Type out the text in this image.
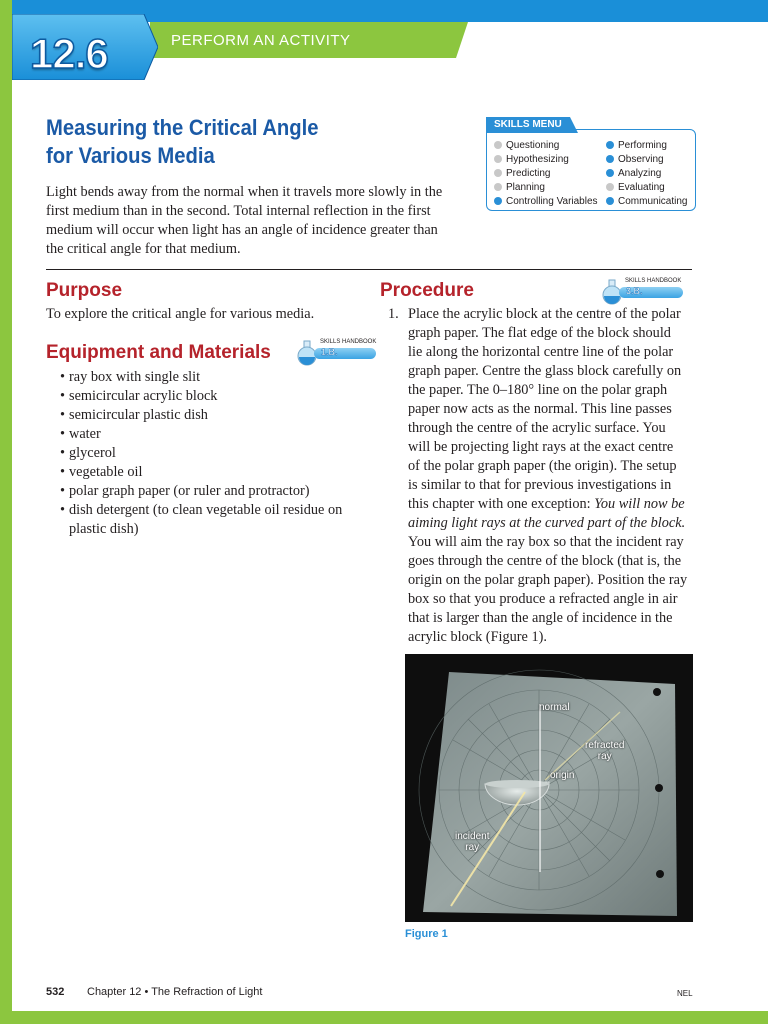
PERFORM AN ACTIVITY
12.6
Measuring the Critical Angle
for Various Media
Light bends away from the normal when it travels more slowly in the first medium than in the second. Total internal reflection in the first medium will occur when light has an angle of incidence greater than the critical angle for that medium.
SKILLS MENU
Questioning
Hypothesizing
Predicting
Planning
Controlling Variables
Performing
Observing
Analyzing
Evaluating
Communicating
Purpose
To explore the critical angle for various media.
Equipment and Materials	SKILLS HANDBOOK
1.B.
• ray box with single slit
• semicircular acrylic block
• semicircular plastic dish
• water
• glycerol
• vegetable oil
• polar graph paper (or ruler and protractor)
• dish detergent (to clean vegetable oil residue on plastic dish)
Procedure	SKILLS HANDBOOK
3.B.
1. Place the acrylic block at the centre of the polar graph paper. The flat edge of the block should lie along the horizontal centre line of the polar graph paper. Centre the glass block carefully on the paper. The 0–180° line on the polar graph paper now acts as the normal. This line passes through the centre of the acrylic surface. You will be projecting light rays at the exact centre of the polar graph paper (the origin). The setup is similar to that for previous investigations in this chapter with one exception: You will now be aiming light rays at the curved part of the block. You will aim the ray box so that the incident ray goes through the centre of the block (that is, the origin on the polar graph paper). Position the ray box so that you produce a refracted angle in air that is larger than the angle of incidence in the acrylic block (Figure 1).
normal
refracted
ray
origin
incident
ray
Figure 1
532 Chapter 12 • The Refraction of Light	NEL
